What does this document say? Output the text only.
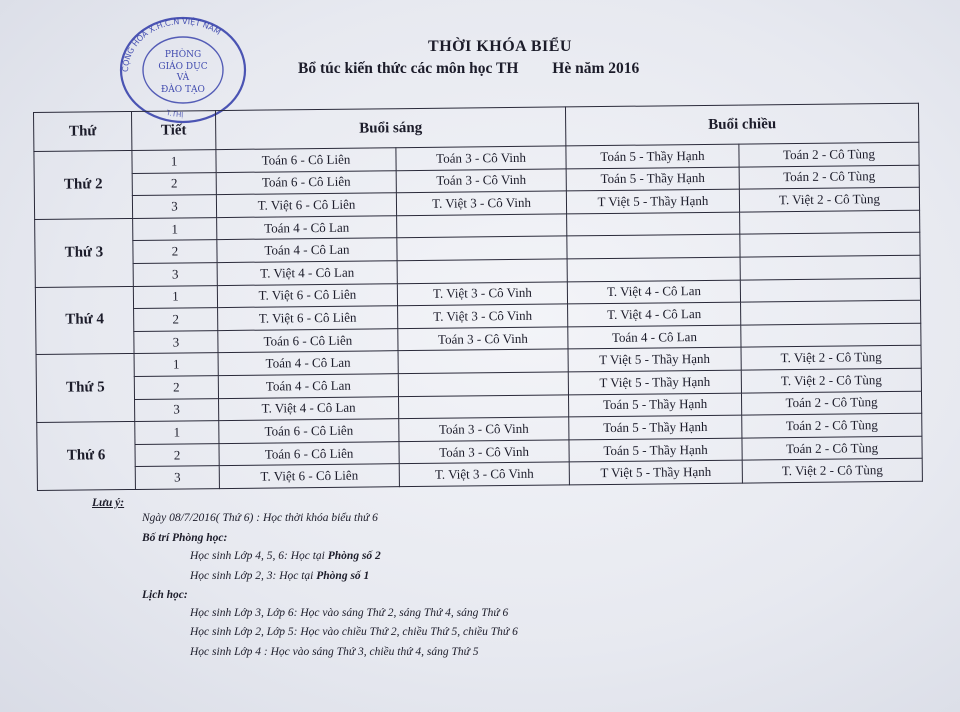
CỘNG HOÀ X.H.C.N VIỆT NAM
T.THỊ
PHÒNG
GIÁO DỤC
VÀ
ĐÀO TẠO
THỜI KHÓA BIỂU
Bổ túc kiến thức các môn học TH Hè năm 2016
Thứ	Tiết	Buổi sáng		Buổi chiều	
Thứ 2	1	Toán 6 - Cô Liên	Toán 3 - Cô Vinh	Toán 5 - Thầy Hạnh	Toán 2 - Cô Tùng
	2	Toán 6 - Cô Liên	Toán 3 - Cô Vinh	Toán 5 - Thầy Hạnh	Toán 2 - Cô Tùng
	3	T. Việt 6 - Cô Liên	T. Việt 3 - Cô Vinh	T Việt 5 - Thầy Hạnh	T. Việt 2 - Cô Tùng
Thứ 3	1	Toán 4 - Cô Lan			
	2	Toán 4 - Cô Lan			
	3	T. Việt 4 - Cô Lan			
Thứ 4	1	T. Việt 6 - Cô Liên	T. Việt 3 - Cô Vinh	T. Việt 4 - Cô Lan	
	2	T. Việt 6 - Cô Liên	T. Việt 3 - Cô Vinh	T. Việt 4 - Cô Lan	
	3	Toán 6 - Cô Liên	Toán 3 - Cô Vinh	Toán 4 - Cô Lan	
Thứ 5	1	Toán 4 - Cô Lan		T Việt 5 - Thầy Hạnh	T. Việt 2 - Cô Tùng
	2	Toán 4 - Cô Lan		T Việt 5 - Thầy Hạnh	T. Việt 2 - Cô Tùng
	3	T. Việt 4 - Cô Lan		Toán 5 - Thầy Hạnh	Toán 2 - Cô Tùng
Thứ 6	1	Toán 6 - Cô Liên	Toán 3 - Cô Vinh	Toán 5 - Thầy Hạnh	Toán 2 - Cô Tùng
	2	Toán 6 - Cô Liên	Toán 3 - Cô Vinh	Toán 5 - Thầy Hạnh	Toán 2 - Cô Tùng
	3	T. Việt 6 - Cô Liên	T. Việt 3 - Cô Vinh	T Việt 5 - Thầy Hạnh	T. Việt 2 - Cô Tùng
Lưu ý:
Ngày 08/7/2016( Thứ 6) : Học thời khóa biểu thứ 6
Bố trí Phòng học:
Học sinh Lớp 4, 5, 6: Học tại Phòng số 2
Học sinh Lớp 2, 3: Học tại Phòng số 1
Lịch học:
Học sinh Lớp 3, Lớp 6: Học vào sáng Thứ 2, sáng Thứ 4, sáng Thứ 6
Học sinh Lớp 2, Lớp 5: Học vào chiều Thứ 2, chiều Thứ 5, chiều Thứ 6
Học sinh Lớp 4 : Học vào sáng Thứ 3, chiều thứ 4, sáng Thứ 5
